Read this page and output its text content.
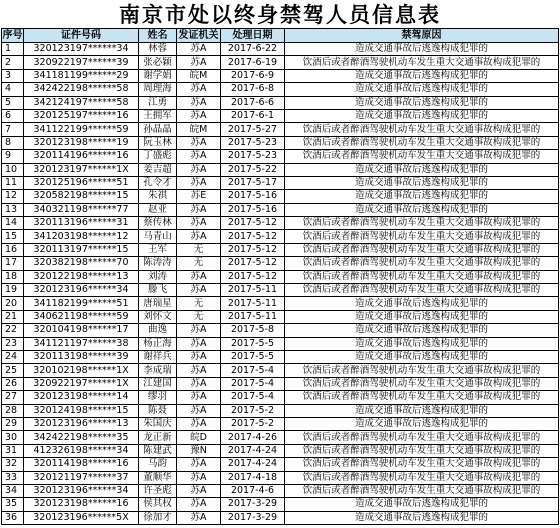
南京市处以终身禁驾人员信息表
序号	证件号码	姓名	发证机关	处理日期	禁驾原因
1	320123197******34	林蓉	苏A	2017-6-22	造成交通事故后逃逸构成犯罪的
2	320922197******39	张必颖	苏A	2017-6-19	饮酒后或者醉酒驾驶机动车发生重大交通事故构成犯罪的
3	341181199******29	谢学娟	皖M	2017-6-9	造成交通事故后逃逸构成犯罪的
4	342422198******58	周理海	苏A	2017-6-8	造成交通事故后逃逸构成犯罪的
5	342124197******58	江勇	苏A	2017-6-6	造成交通事故后逃逸构成犯罪的
6	320125197******16	王拥军	苏A	2017-6-1	造成交通事故后逃逸构成犯罪的
7	341122199******59	孙晶晶	皖M	2017-5-27	饮酒后或者醉酒驾驶机动车发生重大交通事故构成犯罪的
8	320123198******19	阮玉林	苏A	2017-5-23	饮酒后或者醉酒驾驶机动车发生重大交通事故构成犯罪的
9	320114196******16	丁盛彪	苏A	2017-5-23	饮酒后或者醉酒驾驶机动车发生重大交通事故构成犯罪的
10	320123197******1X	姜吉超	苏A	2017-5-22	造成交通事故后逃逸构成犯罪的
11	320125196******51	孔令才	苏A	2017-5-17	造成交通事故后逃逸构成犯罪的
12	320582198******15	朱祺	苏E	2017-5-16	造成交通事故后逃逸构成犯罪的
13	340321198******77	赵亚	苏A	2017-5-16	造成交通事故后逃逸构成犯罪的
14	320113196******31	蔡传林	苏A	2017-5-12	饮酒后或者醉酒驾驶机动车发生重大交通事故构成犯罪的
15	341203198******12	马青山	苏A	2017-5-12	饮酒后或者醉酒驾驶机动车发生重大交通事故构成犯罪的
16	320113197******15	王军	无	2017-5-12	饮酒后或者醉酒驾驶机动车发生重大交通事故构成犯罪的
17	320382198******70	陈涛涛	无	2017-5-12	饮酒后或者醉酒驾驶机动车发生重大交通事故构成犯罪的
18	320122198******13	刘涛	苏A	2017-5-12	饮酒后或者醉酒驾驶机动车发生重大交通事故构成犯罪的
19	320123196******34	滕飞	苏A	2017-5-11	饮酒后或者醉酒驾驶机动车发生重大交通事故构成犯罪的
20	341182199******51	唐瑞星	无	2017-5-11	造成交通事故后逃逸构成犯罪的
21	340621198******59	刘怀文	无	2017-5-11	造成交通事故后逃逸构成犯罪的
22	320104198******17	曲逸	苏A	2017-5-8	造成交通事故后逃逸构成犯罪的
23	341121197******38	杨正海	苏A	2017-5-5	造成交通事故后逃逸构成犯罪的
24	320113198******39	谢祥兵	苏A	2017-5-5	造成交通事故后逃逸构成犯罪的
25	320102198******1X	李成瑞	苏A	2017-5-4	饮酒后或者醉酒驾驶机动车发生重大交通事故构成犯罪的
26	320922197******1X	江建国	苏A	2017-5-4	饮酒后或者醉酒驾驶机动车发生重大交通事故构成犯罪的
27	320123198******14	缪羽	苏A	2017-5-4	饮酒后或者醉酒驾驶机动车发生重大交通事故构成犯罪的
28	320124198******15	陈聂	苏A	2017-5-2	造成交通事故后逃逸构成犯罪的
29	320123196******13	朱国庆	苏A	2017-5-2	造成交通事故后逃逸构成犯罪的
30	342422198******35	龙正新	皖D	2017-4-26	饮酒后或者醉酒驾驶机动车发生重大交通事故构成犯罪的
31	412326198******34	陈建武	豫N	2017-4-24	饮酒后或者醉酒驾驶机动车发生重大交通事故构成犯罪的
32	320114198******16	马韵	苏A	2017-4-24	饮酒后或者醉酒驾驶机动车发生重大交通事故构成犯罪的
33	320121197******37	董顺华	苏A	2017-4-18	饮酒后或者醉酒驾驶机动车发生重大交通事故构成犯罪的
34	320123196******34	许圣彪	苏A	2017-4-6	饮酒后或者醉酒驾驶机动车发生重大交通事故构成犯罪的
35	320123198******16	侯其权	苏A	2017-3-29	造成交通事故后逃逸构成犯罪的
36	320123196******5X	徐加才	苏A	2017-3-29	造成交通事故后逃逸构成犯罪的
